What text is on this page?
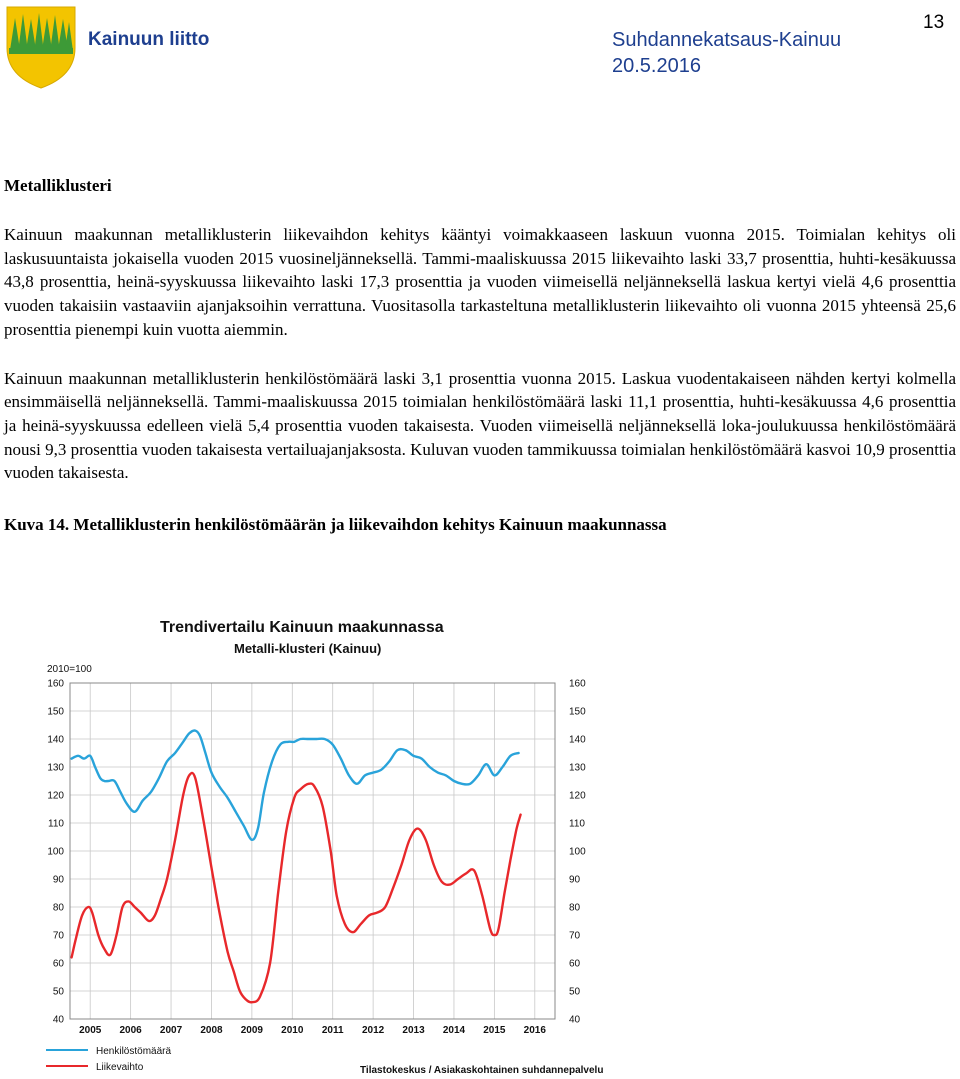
Kainuun liitto	Suhdannekatsaus-Kainuu
20.5.2016
13
Metalliklusteri

Kainuun maakunnan metalliklusterin liikevaihdon kehitys kääntyi voimakkaaseen laskuun vuonna 2015. Toimialan kehitys oli laskusuuntaista jokaisella vuoden 2015 vuosineljänneksellä. Tammi-maaliskuussa 2015 liikevaihto laski 33,7 prosenttia, huhti-kesäkuussa 43,8 prosenttia, heinä-syyskuussa liikevaihto laski 17,3 prosenttia ja vuoden viimeisellä neljänneksellä laskua kertyi vielä 4,6 prosenttia vuoden takaisiin vastaaviin ajanjaksoihin verrattuna. Vuositasolla tarkasteltuna metalliklusterin liikevaihto oli vuonna 2015 yhteensä 25,6 prosenttia pienempi kuin vuotta aiemmin.

Kainuun maakunnan metalliklusterin henkilöstömäärä laski 3,1 prosenttia vuonna 2015. Laskua vuodentakaiseen nähden kertyi kolmella ensimmäisellä neljänneksellä. Tammi-maaliskuussa 2015 toimialan henkilöstömäärä laski 11,1 prosenttia, huhti-kesäkuussa 4,6 prosenttia ja heinä-syyskuussa edelleen vielä 5,4 prosenttia vuoden takaisesta. Vuoden viimeisellä neljänneksellä loka-joulukuussa henkilöstömäärä nousi 9,3 prosenttia vuoden takaisesta vertailuajanjaksosta. Kuluvan vuoden tammikuussa toimialan henkilöstömäärä kasvoi 10,9 prosenttia vuoden takaisesta.

Kuva 14. Metalliklusterin henkilöstömäärän ja liikevaihdon kehitys Kainuun maakunnassa
Trendivertailu Kainuun maakunnassa
Metalli-klusteri (Kainuu)
2010=100
40	40
50	50
60	60
70	70
80	80
90	90
100	100
110	110
120	120
130	130
140	140
150	150
160	160
2005 2006 2007 2008 2009 2010 2011 2012 2013 2014 2015 2016
Henkilöstömäärä
Liikevaihto	Tilastokeskus / Asiakaskohtainen suhdannepalvelu
